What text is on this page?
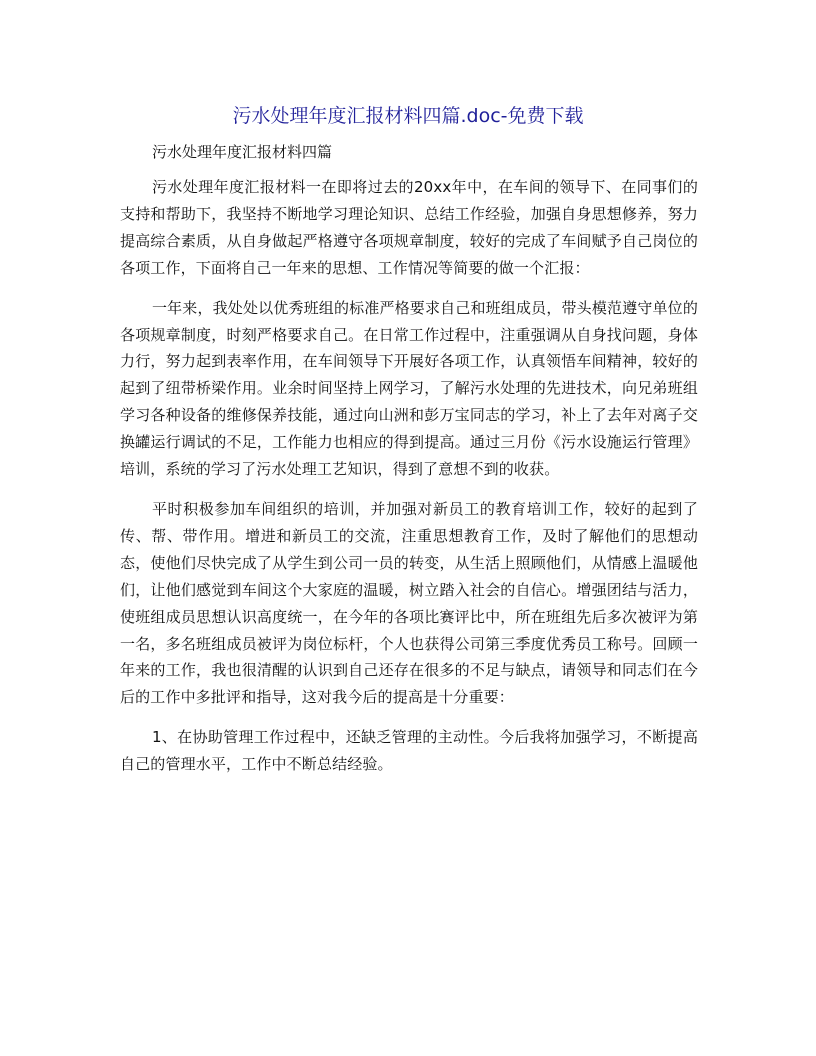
污水处理年度汇报材料四篇.doc-免费下载
污水处理年度汇报材料四篇

污水处理年度汇报材料一在即将过去的20xx年中，在车间的领导下、在同事们的支持和帮助下，我坚持不断地学习理论知识、总结工作经验，加强自身思想修养，努力提高综合素质，从自身做起严格遵守各项规章制度，较好的完成了车间赋予自己岗位的各项工作，下面将自己一年来的思想、工作情况等简要的做一个汇报：

一年来，我处处以优秀班组的标准严格要求自己和班组成员，带头模范遵守单位的各项规章制度，时刻严格要求自己。在日常工作过程中，注重强调从自身找问题，身体力行，努力起到表率作用，在车间领导下开展好各项工作，认真领悟车间精神，较好的起到了纽带桥梁作用。业余时间坚持上网学习，了解污水处理的先进技术，向兄弟班组学习各种设备的维修保养技能，通过向山洲和彭万宝同志的学习，补上了去年对离子交换罐运行调试的不足，工作能力也相应的得到提高。通过三月份《污水设施运行管理》培训，系统的学习了污水处理工艺知识，得到了意想不到的收获。

平时积极参加车间组织的培训，并加强对新员工的教育培训工作，较好的起到了传、帮、带作用。增进和新员工的交流，注重思想教育工作，及时了解他们的思想动态，使他们尽快完成了从学生到公司一员的转变，从生活上照顾他们，从情感上温暖他们，让他们感觉到车间这个大家庭的温暖，树立踏入社会的自信心。增强团结与活力，使班组成员思想认识高度统一，在今年的各项比赛评比中，所在班组先后多次被评为第一名，多名班组成员被评为岗位标杆，个人也获得公司第三季度优秀员工称号。回顾一年来的工作，我也很清醒的认识到自己还存在很多的不足与缺点，请领导和同志们在今后的工作中多批评和指导，这对我今后的提高是十分重要：

1、在协助管理工作过程中，还缺乏管理的主动性。今后我将加强学习，不断提高自己的管理水平，工作中不断总结经验。
